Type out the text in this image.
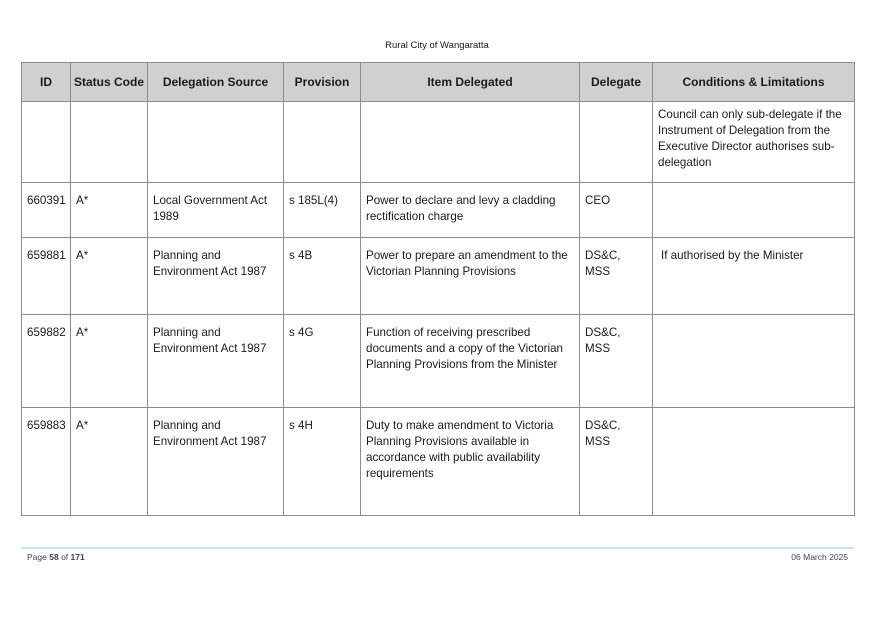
Rural City of Wangaratta
ID	Status Code	Delegation Source	Provision	Item Delegated	Delegate	Conditions & Limitations
						Council can only sub-delegate if the Instrument of Delegation from the Executive Director authorises sub-delegation
660391	A*	Local Government Act 1989	s 185L(4)	Power to declare and levy a cladding rectification charge	CEO	
659881	A*	Planning and Environment Act 1987	s 4B	Power to prepare an amendment to the Victorian Planning Provisions	DS&C, MSS	If authorised by the Minister
659882	A*	Planning and Environment Act 1987	s 4G	Function of receiving prescribed documents and a copy of the Victorian Planning Provisions from the Minister	DS&C, MSS	
659883	A*	Planning and Environment Act 1987	s 4H	Duty to make amendment to Victoria Planning Provisions available in accordance with public availability requirements	DS&C, MSS	
Page 58 of 171	06 March 2025
